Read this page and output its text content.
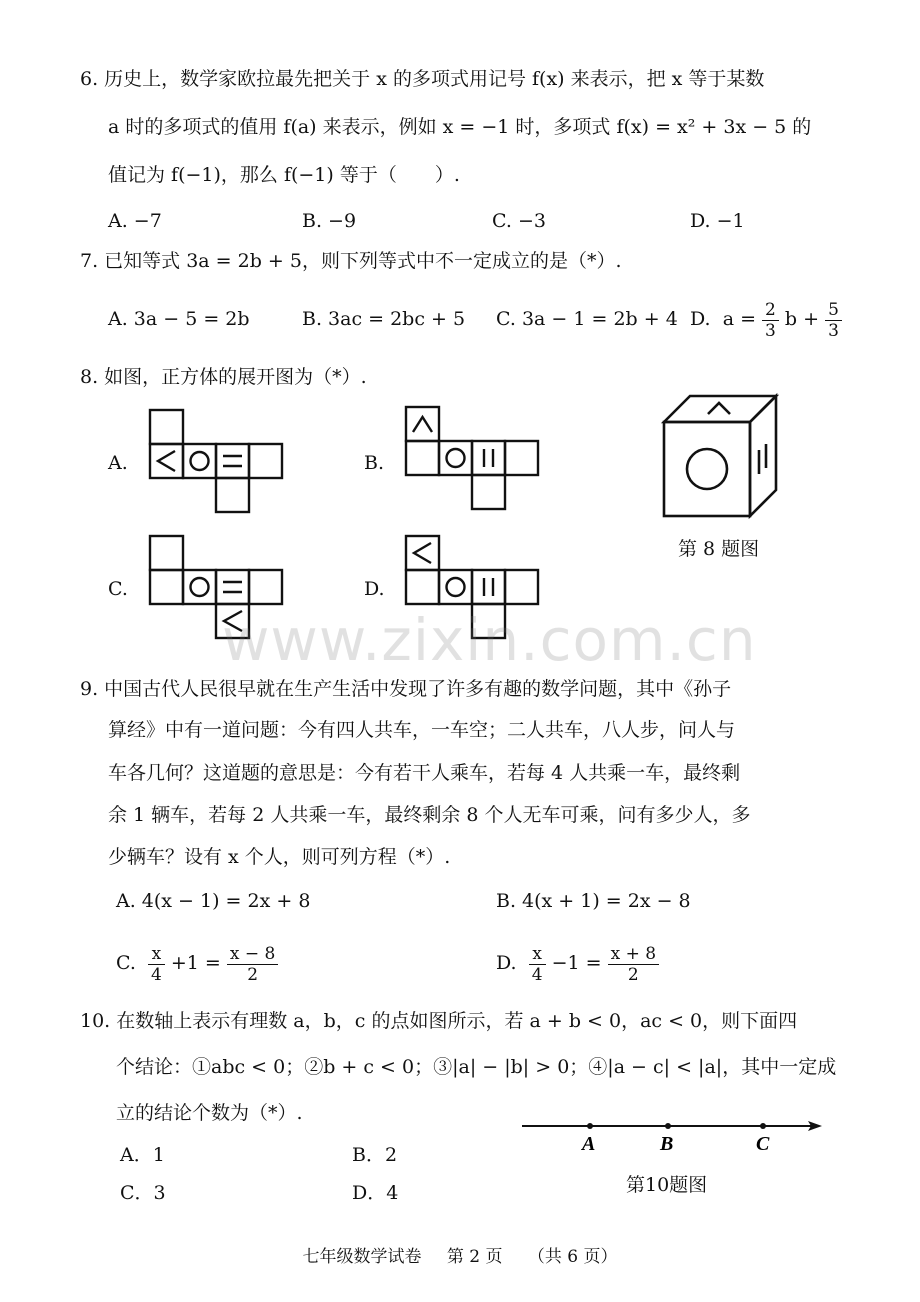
6. 历史上，数学家欧拉最先把关于 x 的多项式用记号 f(x) 来表示，把 x 等于某数
a 时的多项式的值用 f(a) 来表示，例如 x = −1 时，多项式 f(x) = x² + 3x − 5 的
值记为 f(−1)，那么 f(−1) 等于（　　）.
A. −7	B. −9	C. −3	D. −1
7. 已知等式 3a = 2b + 5，则下列等式中不一定成立的是（*）.
A. 3a − 5 = 2b	B. 3ac = 2bc + 5 C. 3a − 1 = 2b + 4 D. $a = \frac{2}{3}$ $b + \frac{5}{3}$
8. 如图，正方体的展开图为（*）.
A.	B.
第 8 题图
C.	D.
www.zixin.com.cn
9. 中国古代人民很早就在生产生活中发现了许多有趣的数学问题，其中《孙子
算经》中有一道问题：今有四人共车，一车空；二人共车，八人步，问人与
车各几何？这道题的意思是：今有若干人乘车，若每 4 人共乘一车，最终剩
余 1 辆车，若每 2 人共乘一车，最终剩余 8 个人无车可乘，问有多少人，多
少辆车？设有 x 个人，则可列方程（*）.
A. 4(x − 1) = 2x + 8	B. 4(x + 1) = 2x − 8
C. $\frac{x}{4} +1 = \frac{x - 8}{2}$	D. $\frac{x}{4} -1 = \frac{x + 8}{2}$
10. 在数轴上表示有理数 a，b，c 的点如图所示，若 a + b < 0，ac < 0，则下面四
个结论：①abc < 0；②b + c < 0；③|a| − |b| > 0；④|a − c| < |a|，其中一定成
立的结论个数为（*）.
A．1	B．2
C．3	D．4
A	B	C
第10题图
七年级数学试卷 第 2 页 （共 6 页）
